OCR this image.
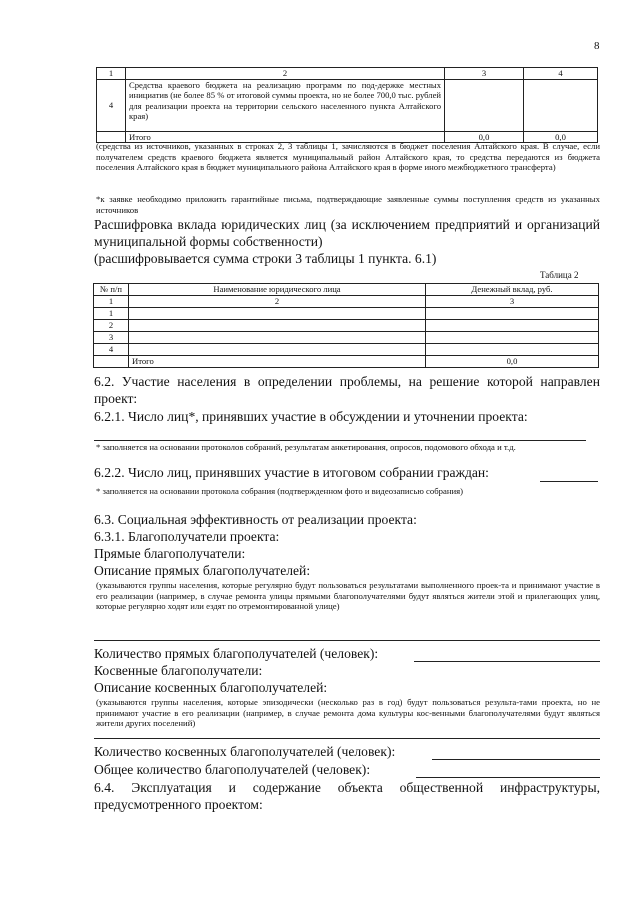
8
1	2	3	4
4	Средства краевого бюджета на реализацию программ по под-держке местных инициатив (не более 85 % от итоговой суммы проекта, но не более 700,0 тыс. рублей для реализации проекта на территории сельского населенного пункта Алтайского края)		
	Итого	0,0	0,0
(средства из источников, указанных в строках 2, 3 таблицы 1, зачисляются в бюджет поселения Алтайского края. В случае, если получателем средств краевого бюджета является муниципальный район Алтайского края, то средства передаются из бюджета поселения Алтайского края в бюджет муниципального района Алтайского края в форме иного межбюджетного трансферта)
*к заявке необходимо приложить гарантийные письма, подтверждающие заявленные суммы поступления средств из указанных источников
Расшифровка вклада юридических лиц (за исключением предприятий и организаций муниципальной формы собственности)
(расшифровывается сумма строки 3 таблицы 1 пункта. 6.1)
Таблица 2
№ п/п	Наименование юридического лица	Денежный вклад, руб.
1	2	3
1		
2		
3		
4		
	Итого	0,0
6.2. Участие населения в определении проблемы, на решение которой направлен проект:
6.2.1. Число лиц*, принявших участие в обсуждении и уточнении проекта:
* заполняется на основании протоколов собраний, результатам анкетирования, опросов, подомового обхода и т.д.
6.2.2. Число лиц, принявших участие в итоговом собрании граждан:
* заполняется на основании протокола собрания (подтвержденном фото и видеозаписью собрания)
6.3. Социальная эффективность от реализации проекта:
6.3.1. Благополучатели проекта:
Прямые благополучатели:
Описание прямых благополучателей:
(указываются группы населения, которые регулярно будут пользоваться результатами выполненного проек-та и принимают участие в его реализации (например, в случае ремонта улицы прямыми благополучателями будут являться жители этой и прилегающих улиц, которые регулярно ходят или ездят по отремонтированной улице)
Количество прямых благополучателей (человек):
Косвенные благополучатели:
Описание косвенных благополучателей:
(указываются группы населения, которые эпизодически (несколько раз в год) будут пользоваться результа-тами проекта, но не принимают участие в его реализации (например, в случае ремонта дома культуры кос-венными благополучателями будут являться жители других поселений)
Количество косвенных благополучателей (человек):
Общее количество благополучателей (человек):
6.4. Эксплуатация и содержание объекта общественной инфраструктуры, предусмотренного проектом:
